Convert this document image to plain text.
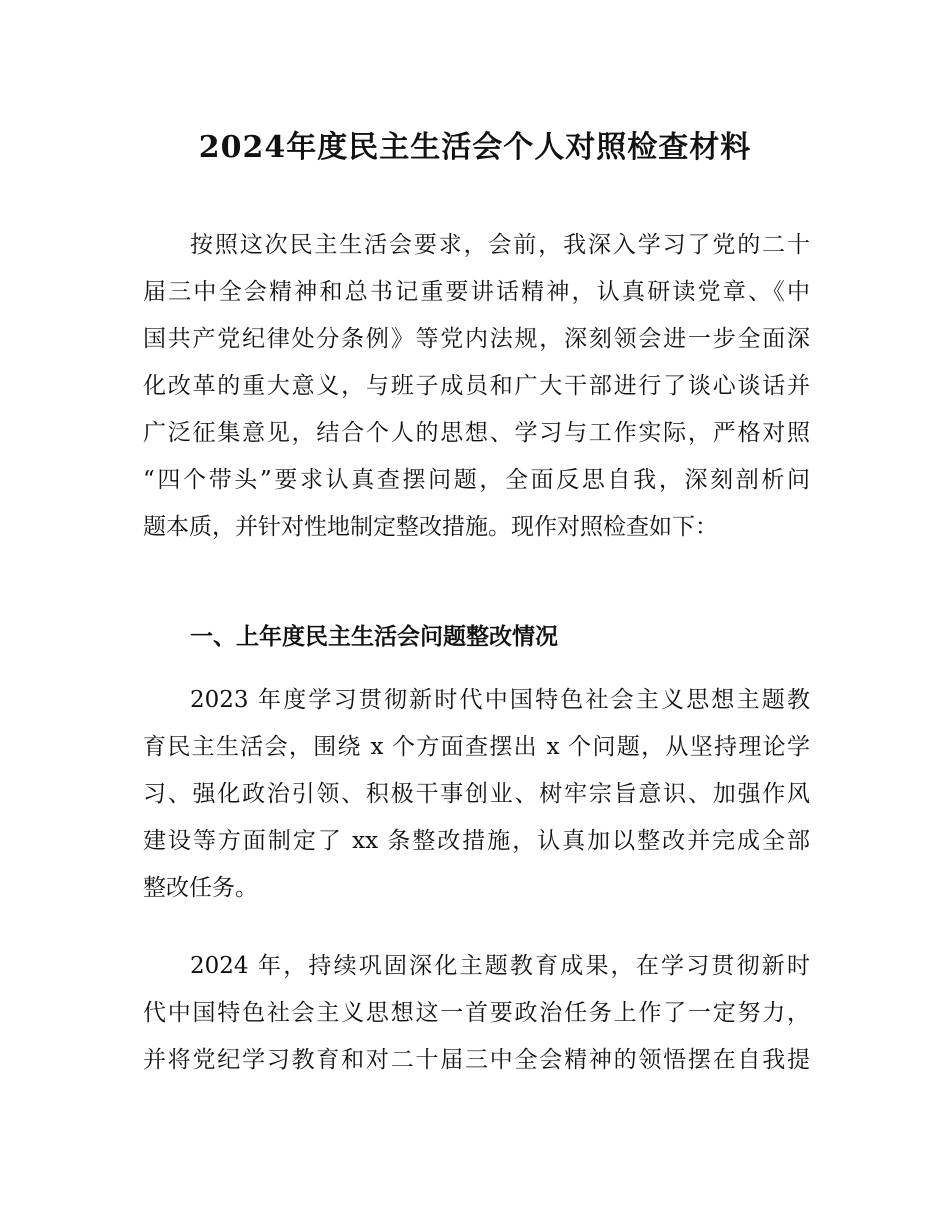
2024年度民主生活会个人对照检查材料
按照这次民主生活会要求，会前，我深入学习了党的二十
届三中全会精神和总书记重要讲话精神，认真研读党章、《中
国共产党纪律处分条例》等党内法规，深刻领会进一步全面深
化改革的重大意义，与班子成员和广大干部进行了谈心谈话并
广泛征集意见，结合个人的思想、学习与工作实际，严格对照
“四个带头”要求认真查摆问题，全面反思自我，深刻剖析问
题本质，并针对性地制定整改措施。现作对照检查如下：
一、上年度民主生活会问题整改情况
2023 年度学习贯彻新时代中国特色社会主义思想主题教
育民主生活会，围绕 x 个方面查摆出 x 个问题，从坚持理论学
习、强化政治引领、积极干事创业、树牢宗旨意识、加强作风
建设等方面制定了 xx 条整改措施，认真加以整改并完成全部
整改任务。
2024 年，持续巩固深化主题教育成果，在学习贯彻新时
代中国特色社会主义思想这一首要政治任务上作了一定努力，
并将党纪学习教育和对二十届三中全会精神的领悟摆在自我提
